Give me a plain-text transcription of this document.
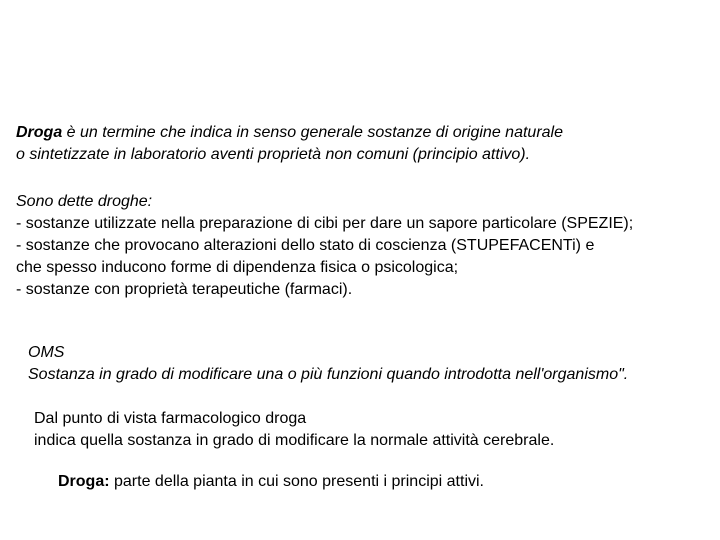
Droga è un termine che indica in senso generale sostanze di origine naturale
o sintetizzate in laboratorio aventi proprietà non comuni (principio attivo).
Sono dette droghe:
- sostanze utilizzate nella preparazione di cibi per dare un sapore particolare (SPEZIE);
- sostanze che provocano alterazioni dello stato di coscienza (STUPEFACENTi) e
che spesso inducono forme di dipendenza fisica o psicologica;
- sostanze con proprietà terapeutiche (farmaci).
OMS
Sostanza in grado di modificare una o più funzioni quando introdotta nell'organismo".
Dal punto di vista farmacologico droga
indica quella sostanza in grado di modificare la normale attività cerebrale.
Droga: parte della pianta in cui sono presenti i principi attivi.
